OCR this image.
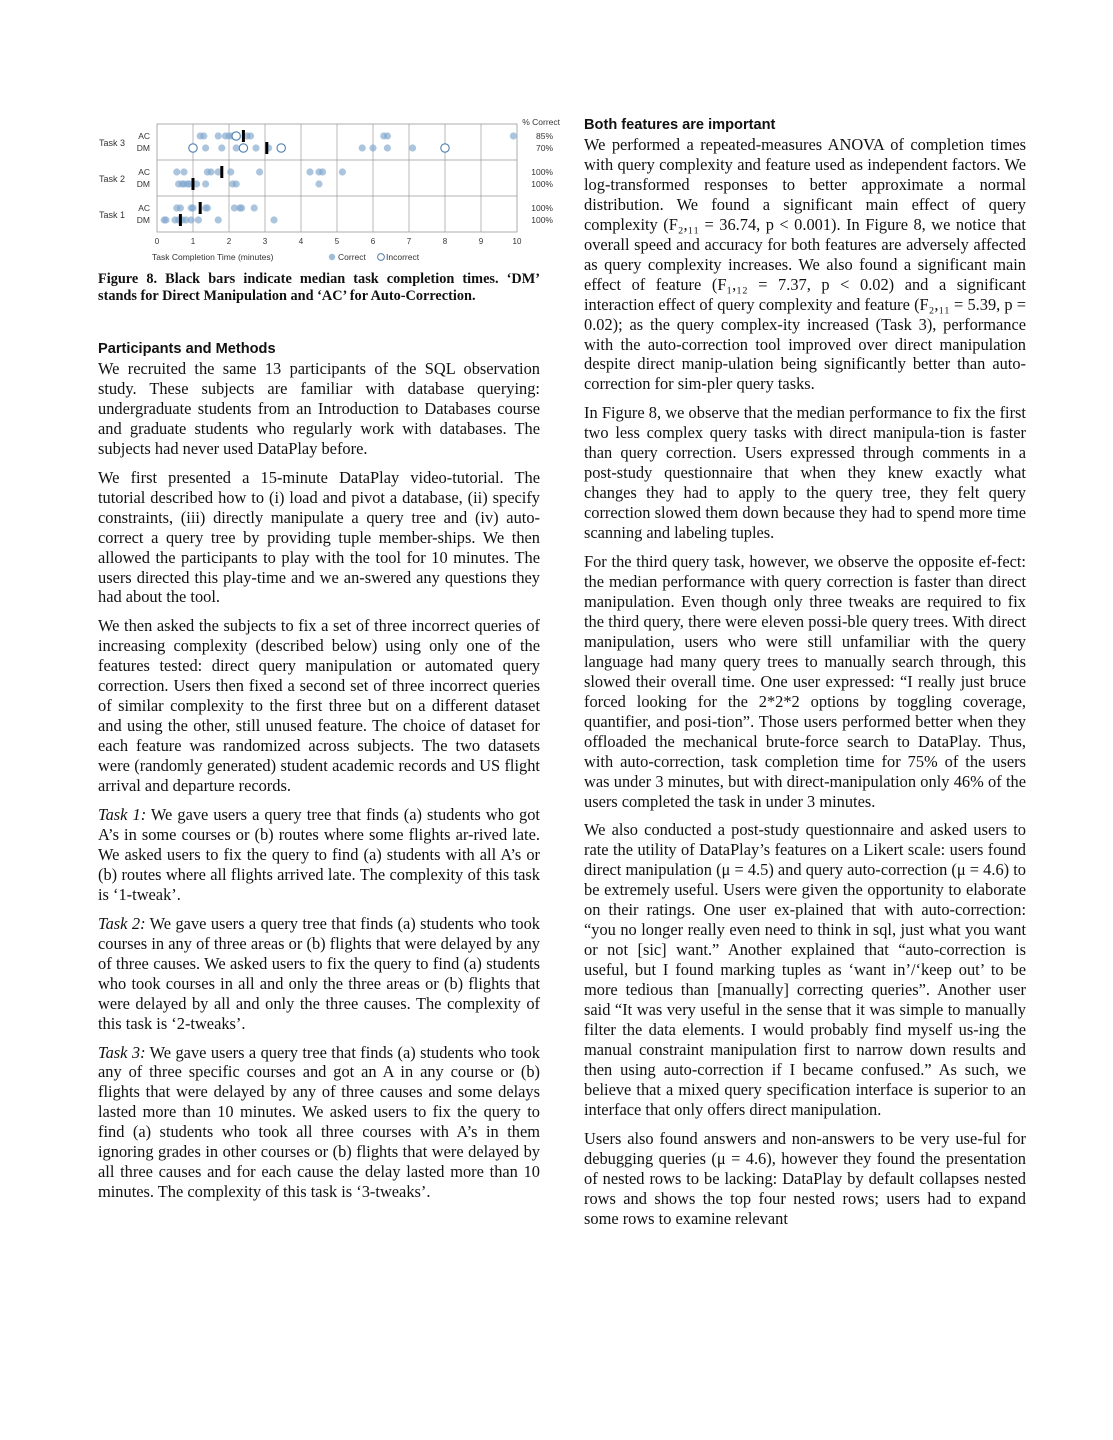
0	1	2	3	4	5	6	7	8	9	10
% Correct
Task 3
AC	85%
DM	70%
Task 2
AC	100%
DM	100%
Task 1
AC	100%
DM	100%
Task Completion Time (minutes)	Correct Incorrect
Figure 8. Black bars indicate median task completion times. ‘DM’ stands for Direct Manipulation and ‘AC’ for Auto-Correction.
Participants and Methods

We recruited the same 13 participants of the SQL observation study. These subjects are familiar with database querying: undergraduate students from an Introduction to Databases course and graduate students who regularly work with databases. The subjects had never used DataPlay before.

We first presented a 15-minute DataPlay video-tutorial. The tutorial described how to (i) load and pivot a database, (ii) specify constraints, (iii) directly manipulate a query tree and (iv) auto-correct a query tree by providing tuple member-ships. We then allowed the participants to play with the tool for 10 minutes. The users directed this play-time and we an-swered any questions they had about the tool.

We then asked the subjects to fix a set of three incorrect queries of increasing complexity (described below) using only one of the features tested: direct query manipulation or automated query correction. Users then fixed a second set of three incorrect queries of similar complexity to the first three but on a different dataset and using the other, still unused feature. The choice of dataset for each feature was randomized across subjects. The two datasets were (randomly generated) student academic records and US flight arrival and departure records.

Task 1: We gave users a query tree that finds (a) students who got A’s in some courses or (b) routes where some flights ar-rived late. We asked users to fix the query to find (a) students with all A’s or (b) routes where all flights arrived late. The complexity of this task is ‘1-tweak’.

Task 2: We gave users a query tree that finds (a) students who took courses in any of three areas or (b) flights that were delayed by any of three causes. We asked users to fix the query to find (a) students who took courses in all and only the three areas or (b) flights that were delayed by all and only the three causes. The complexity of this task is ‘2-tweaks’.

Task 3: We gave users a query tree that finds (a) students who took any of three specific courses and got an A in any course or (b) flights that were delayed by any of three causes and some delays lasted more than 10 minutes. We asked users to fix the query to find (a) students who took all three courses with A’s in them ignoring grades in other courses or (b) flights that were delayed by all three causes and for each cause the delay lasted more than 10 minutes. The complexity of this task is ‘3-tweaks’.

Both features are important

We performed a repeated-measures ANOVA of completion times with query complexity and feature used as independent factors. We log-transformed responses to better approximate a normal distribution. We found a significant main effect of query complexity (F₂,₁₁ = 36.74, p < 0.001). In Figure 8, we notice that overall speed and accuracy for both features are adversely affected as query complexity increases. We also found a significant main effect of feature (F₁,₁₂ = 7.37, p < 0.02) and a significant interaction effect of query complexity and feature (F₂,₁₁ = 5.39, p = 0.02); as the query complex-ity increased (Task 3), performance with the auto-correction tool improved over direct manipulation despite direct manip-ulation being significantly better than auto-correction for sim-pler query tasks.

In Figure 8, we observe that the median performance to fix the first two less complex query tasks with direct manipula-tion is faster than query correction. Users expressed through comments in a post-study questionnaire that when they knew exactly what changes they had to apply to the query tree, they felt query correction slowed them down because they had to spend more time scanning and labeling tuples.

For the third query task, however, we observe the opposite ef-fect: the median performance with query correction is faster than direct manipulation. Even though only three tweaks are required to fix the third query, there were eleven possi-ble query trees. With direct manipulation, users who were still unfamiliar with the query language had many query trees to manually search through, this slowed their overall time. One user expressed: “I really just bruce forced looking for the 2*2*2 options by toggling coverage, quantifier, and posi-tion”. Those users performed better when they offloaded the mechanical brute-force search to DataPlay. Thus, with auto-correction, task completion time for 75% of the users was under 3 minutes, but with direct-manipulation only 46% of the users completed the task in under 3 minutes.

We also conducted a post-study questionnaire and asked users to rate the utility of DataPlay’s features on a Likert scale: users found direct manipulation (μ = 4.5) and query auto-correction (μ = 4.6) to be extremely useful. Users were given the opportunity to elaborate on their ratings. One user ex-plained that with auto-correction: “you no longer really even need to think in sql, just what you want or not [sic] want.” Another explained that “auto-correction is useful, but I found marking tuples as ‘want in’/‘keep out’ to be more tedious than [manually] correcting queries”. Another user said “It was very useful in the sense that it was simple to manually filter the data elements. I would probably find myself us-ing the manual constraint manipulation first to narrow down results and then using auto-correction if I became confused.” As such, we believe that a mixed query specification interface is superior to an interface that only offers direct manipulation.

Users also found answers and non-answers to be very use-ful for debugging queries (μ = 4.6), however they found the presentation of nested rows to be lacking: DataPlay by default collapses nested rows and shows the top four nested rows; users had to expand some rows to examine relevant
